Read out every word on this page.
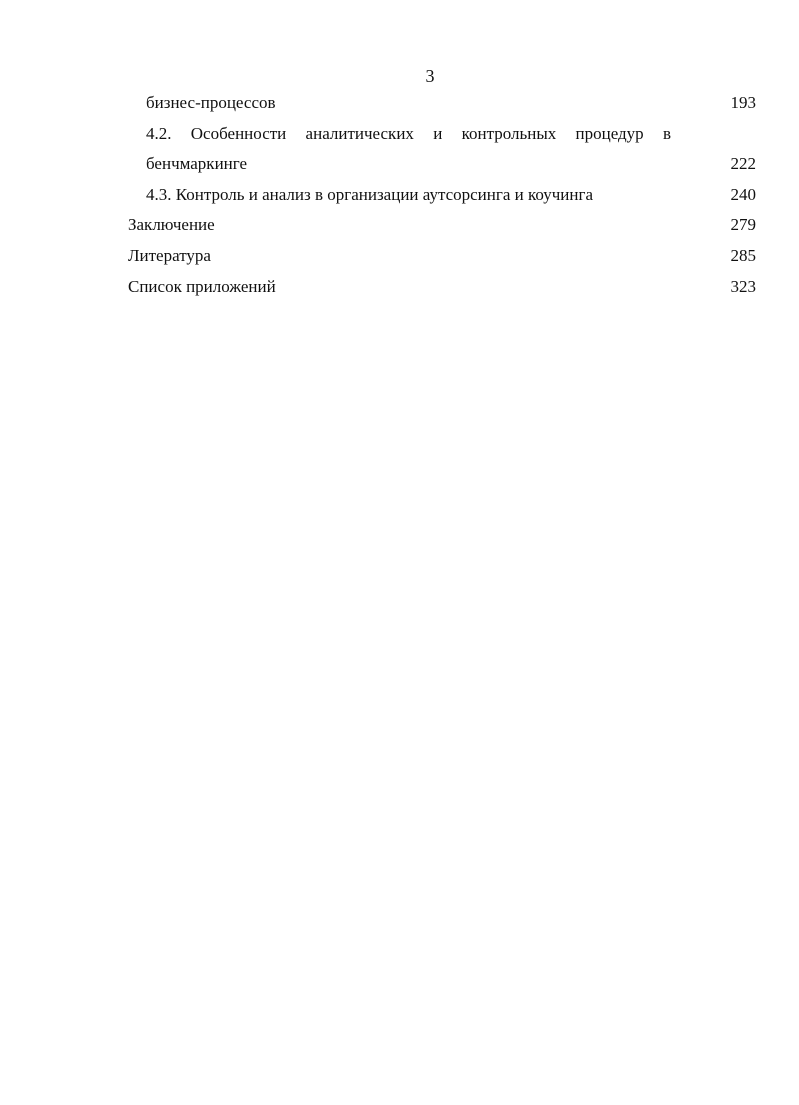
3
бизнес-процессов	193
4.2. Особенности аналитических и контрольных процедур в
бенчмаркинге	222
4.3. Контроль и анализ в организации аутсорсинга и коучинга	240
Заключение	279
Литература	285
Список приложений	323
